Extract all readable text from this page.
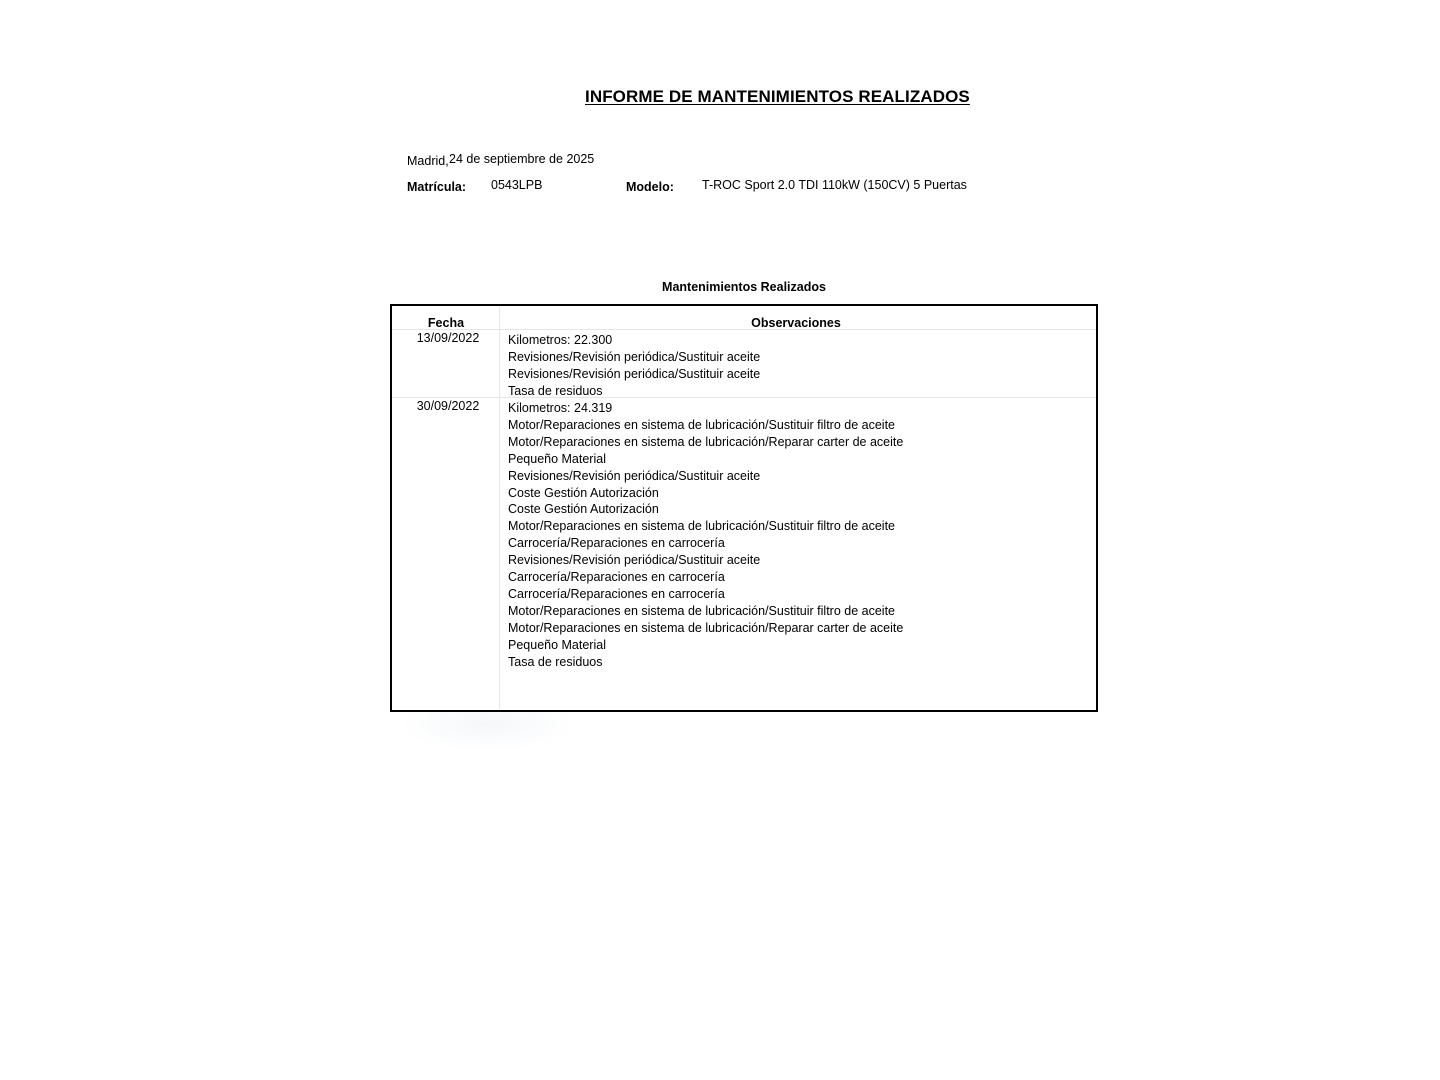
INFORME DE MANTENIMIENTOS REALIZADOS
Madrid, 24 de septiembre de 2025
Matrícula: 0543LPB	Modelo: T-ROC Sport 2.0 TDI 110kW (150CV) 5 Puertas
Mantenimientos Realizados
Fecha	Observaciones
13/09/2022	Kilometros: 22.300
Revisiones/Revisión periódica/Sustituir aceite
Revisiones/Revisión periódica/Sustituir aceite
Tasa de residuos
30/09/2022	Kilometros: 24.319
Motor/Reparaciones en sistema de lubricación/Sustituir filtro de aceite
Motor/Reparaciones en sistema de lubricación/Reparar carter de aceite
Pequeño Material
Revisiones/Revisión periódica/Sustituir aceite
Coste Gestión Autorización
Coste Gestión Autorización
Motor/Reparaciones en sistema de lubricación/Sustituir filtro de aceite
Carrocería/Reparaciones en carrocería
Revisiones/Revisión periódica/Sustituir aceite
Carrocería/Reparaciones en carrocería
Carrocería/Reparaciones en carrocería
Motor/Reparaciones en sistema de lubricación/Sustituir filtro de aceite
Motor/Reparaciones en sistema de lubricación/Reparar carter de aceite
Pequeño Material
Tasa de residuos
